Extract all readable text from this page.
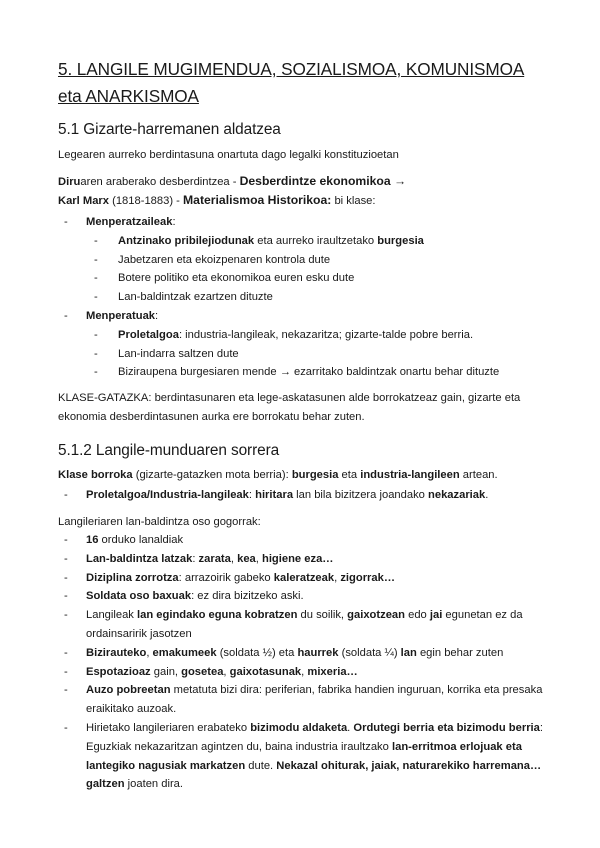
5. LANGILE MUGIMENDUA, SOZIALISMOA, KOMUNISMOA eta ANARKISMOA
5.1 Gizarte-harremanen aldatzea

Legearen aurreko berdintasuna onartuta dago legalki konstituzioetan

Diruaren araberako desberdintzea - Desberdintze ekonomikoa →

Karl Marx (1818-1883) - Materialismoa Historikoa: bi klase:

- Menperatzaileak:
- Antzinako pribilejiodunak eta aurreko iraultzetako burgesia
- Jabetzaren eta ekoizpenaren kontrola dute
- Botere politiko eta ekonomikoa euren esku dute
- Lan-baldintzak ezartzen dituzte
- Menperatuak:
- Proletalgoa: industria-langileak, nekazaritza; gizarte-talde pobre berria.
- Lan-indarra saltzen dute
- Biziraupena burgesiaren mende → ezarritako baldintzak onartu behar dituzte

KLASE-GATAZKA: berdintasunaren eta lege-askatasunen alde borrokatzeaz gain, gizarte eta ekonomia desberdintasunen aurka ere borrokatu behar zuten.

5.1.2 Langile-munduaren sorrera

Klase borroka (gizarte-gatazken mota berria): burgesia eta industria-langileen artean.

- Proletalgoa/Industria-langileak: hiritara lan bila bizitzera joandako nekazariak.

Langileriaren lan-baldintza oso gogorrak:

- 16 orduko lanaldiak
- Lan-baldintza latzak: zarata, kea, higiene eza…
- Diziplina zorrotza: arrazoirik gabeko kaleratzeak, zigorrak…
- Soldata oso baxuak: ez dira bizitzeko aski.
- Langileak lan egindako eguna kobratzen du soilik, gaixotzean edo jai egunetan ez da ordainsaririk jasotzen
- Bizirauteko, emakumeek (soldata ½) eta haurrek (soldata ¼) lan egin behar zuten
- Espotazioaz gain, gosetea, gaixotasunak, mixeria…
- Auzo pobreetan metatuta bizi dira: periferian, fabrika handien inguruan, korrika eta presaka eraikitako auzoak.
- Hirietako langileriaren erabateko bizimodu aldaketa. Ordutegi berria eta bizimodu berria: Eguzkiak nekazaritzan agintzen du, baina industria iraultzako lan-erritmoa erlojuak eta lantegiko nagusiak markatzen dute. Nekazal ohiturak, jaiak, naturarekiko harremana… galtzen joaten dira.
